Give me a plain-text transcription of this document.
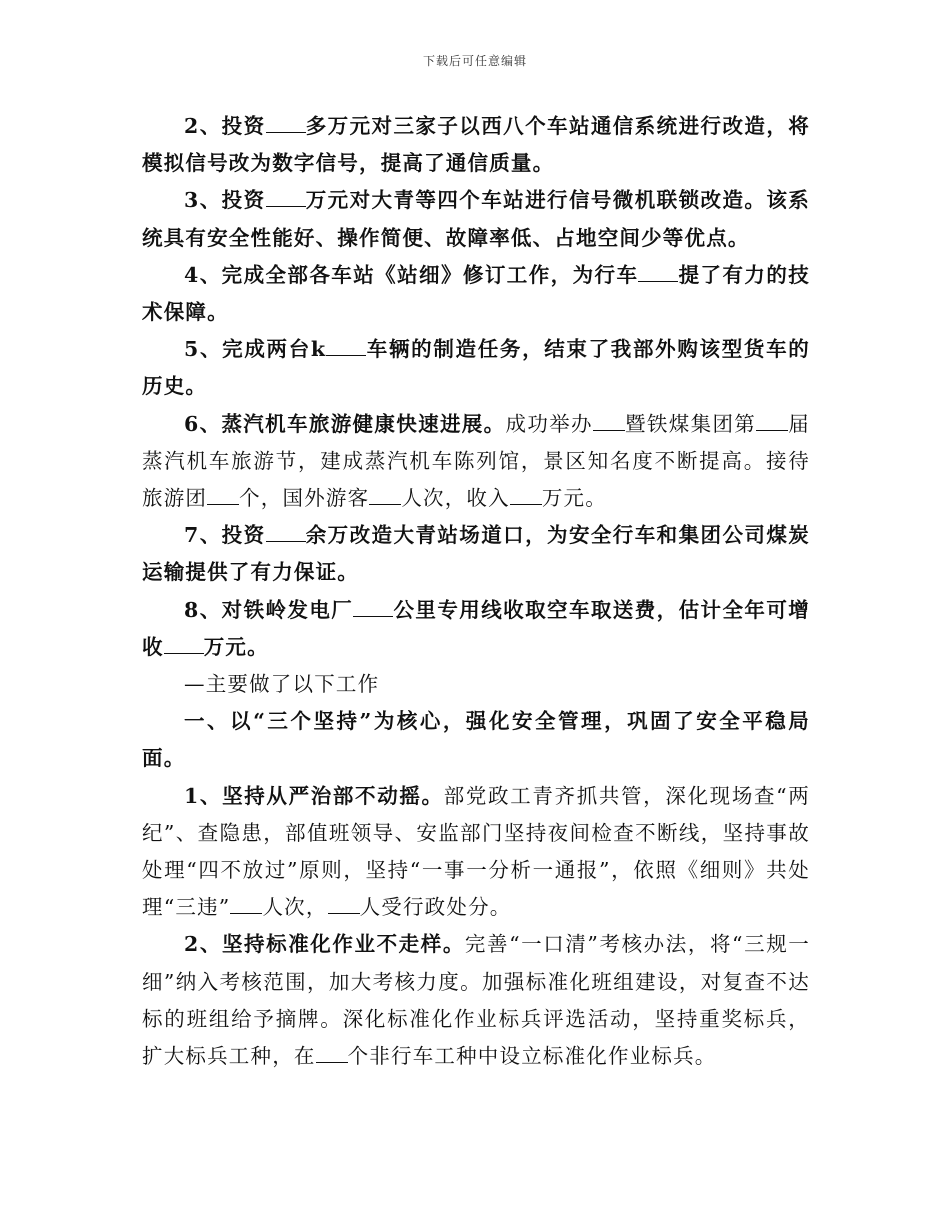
下载后可任意编辑

2、投资 多万元对三家子以西八个车站通信系统进行改造，将模拟信号改为数字信号，提高了通信质量。

3、投资 万元对大青等四个车站进行信号微机联锁改造。该系统具有安全性能好、操作简便、故障率低、占地空间少等优点。

4、完成全部各车站《站细》修订工作，为行车 提了有力的技术保障。

5、完成两台k 车辆的制造任务，结束了我部外购该型货车的历史。

6、蒸汽机车旅游健康快速进展。成功举办 暨铁煤集团第 届蒸汽机车旅游节，建成蒸汽机车陈列馆，景区知名度不断提高。接待旅游团 个，国外游客 人次，收入 万元。

7、投资 余万改造大青站场道口，为安全行车和集团公司煤炭运输提供了有力保证。

8、对铁岭发电厂 公里专用线收取空车取送费，估计全年可增收 万元。

—主要做了以下工作

一、以“三个坚持”为核心，强化安全管理，巩固了安全平稳局面。

1、坚持从严治部不动摇。部党政工青齐抓共管，深化现场查“两纪”、查隐患，部值班领导、安监部门坚持夜间检查不断线，坚持事故处理“四不放过”原则，坚持“一事一分析一通报”，依照《细则》共处理“三违” 人次， 人受行政处分。

2、坚持标准化作业不走样。完善“一口清”考核办法，将“三规一细”纳入考核范围，加大考核力度。加强标准化班组建设，对复查不达标的班组给予摘牌。深化标准化作业标兵评选活动，坚持重奖标兵，扩大标兵工种，在 个非行车工种中设立标准化作业标兵。
